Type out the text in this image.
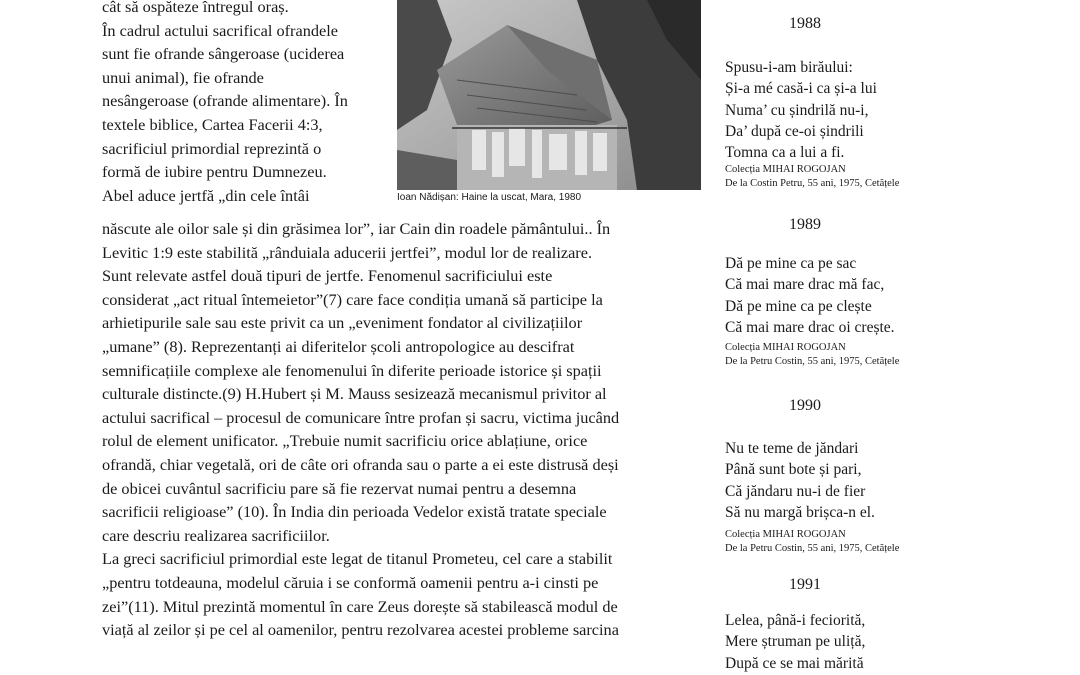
cât să ospăteze întregul oraș.
În cadrul actului sacrifical ofrandele
sunt fie ofrande sângeroase (uciderea
unui animal), fie ofrande
nesângeroase (ofrande alimentare). În
textele biblice, Cartea Facerii 4:3,
sacrificiul primordial reprezintă o
formă de iubire pentru Dumnezeu.
Abel aduce jertfă „din cele întâi	Ioan Nădișan: Haine la uscat, Mara, 1980
născute ale oilor sale și din grăsimea lor”, iar Cain din roadele pământului.. În
Levitic 1:9 este stabilită „rânduiala aducerii jertfei”, modul lor de realizare.
Sunt relevate astfel două tipuri de jertfe. Fenomenul sacrificiului este
considerat „act ritual întemeietor”(7) care face condiția umană să participe la
arhietipurile sale sau este privit ca un „eveniment fondator al civilizațiilor
„umane” (8). Reprezentanți ai diferitelor școli antropologice au descifrat
semnificațiile complexe ale fenomenului în diferite perioade istorice și spații
culturale distincte.(9) H.Hubert și M. Mauss sesizează mecanismul privitor al
actului sacrifical – procesul de comunicare între profan și sacru, victima jucând
rolul de element unificator. „Trebuie numit sacrificiu orice ablațiune, orice
ofrandă, chiar vegetală, ori de câte ori ofranda sau o parte a ei este distrusă deși
de obicei cuvântul sacrificiu pare să fie rezervat numai pentru a desemna
sacrificii religioase” (10). În India din perioada Vedelor există tratate speciale
care descriu realizarea sacrificiilor.
La greci sacrificiul primordial este legat de titanul Prometeu, cel care a stabilit
„pentru totdeauna, modelul căruia i se conformă oamenii pentru a-i cinsti pe
zei”(11). Mitul prezintă momentul în care Zeus dorește să stabilească modul de
viață al zeilor și pe cel al oamenilor, pentru rezolvarea acestei probleme sarcina

1988

Spusu-i-am birăului:

Și-a mé casă-i ca și-a lui

Numa’ cu șindrilă nu-i,

Da’ după ce-oi șindrili

Tomna ca a lui a fi.

Colecția MIHAI ROGOJAN

De la Costin Petru, 55 ani, 1975, Cetățele

1989

Dă pe mine ca pe sac

Că mai mare drac mă fac,

Dă pe mine ca pe clește

Că mai mare drac oi crește.

Colecția MIHAI ROGOJAN

De la Petru Costin, 55 ani, 1975, Cetățele

1990

Nu te teme de jăndari

Până sunt bote și pari,

Că jăndaru nu-i de fier

Să nu margă brișca-n el.

Colecția MIHAI ROGOJAN

De la Petru Costin, 55 ani, 1975, Cetățele

1991

Lelea, până-i feciorită,

Mere ștruman pe uliță,

După ce se mai mărită
